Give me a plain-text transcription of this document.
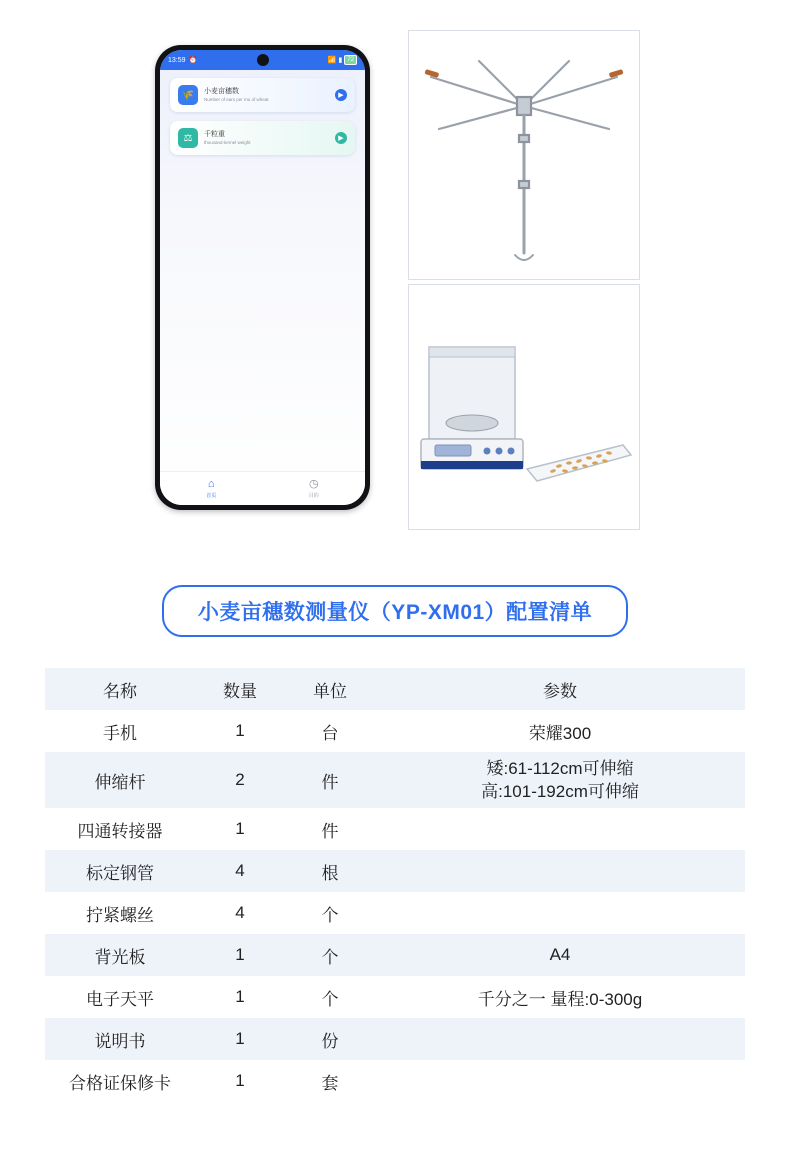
13:59 ⏰	📶 ▮ 72
🌾	小麦亩穗数
Number of ears per mu of wheat
▶
⚖	千粒重
thousand-kernel weight
▶
⌂
首页
◷
目的
小麦亩穗数测量仪（YP-XM01）配置清单
名称	数量	单位	参数
手机	1	台	荣耀300
伸缩杆	2	件	矮:61-112cm可伸缩
高:101-192cm可伸缩

四通转接器	1	件	
标定钢管	4	根	
拧紧螺丝	4	个	
背光板	1	个	A4
电子天平	1	个	千分之一 量程:0-300g
说明书	1	份	
合格证保修卡	1	套	
